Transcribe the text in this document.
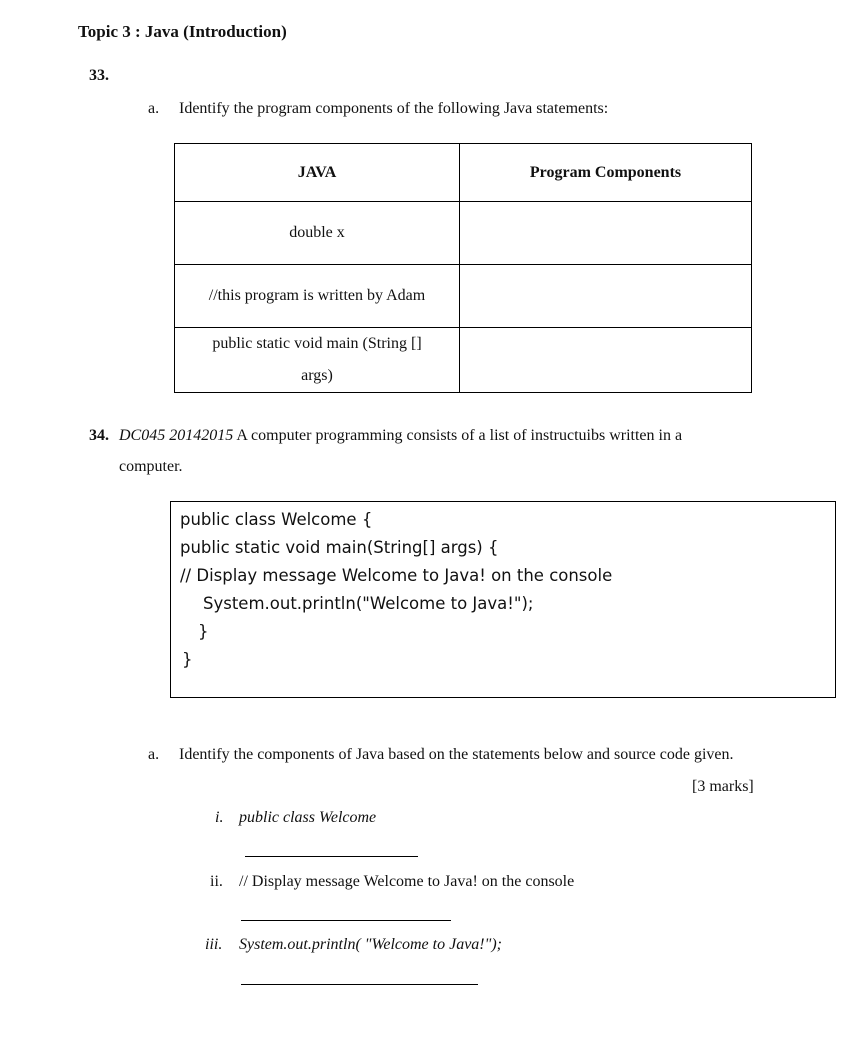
Topic 3 : Java (Introduction)
33.
a. Identify the program components of the following Java statements:
JAVA	Program Components
double x	
//this program is written by Adam	

public static void main (String []
args)	

34. DC045 20142015 A computer programming consists of a list of instructuibs written in a
computer.
public class Welcome {
public static void main(String[] args) {
// Display message Welcome to Java! on the console
System.out.println("Welcome to Java!");
}
}
a. Identify the components of Java based on the statements below and source code given.
[3 marks]
i. public class Welcome
ii. // Display message Welcome to Java! on the console
iii. System.out.println( "Welcome to Java!");
